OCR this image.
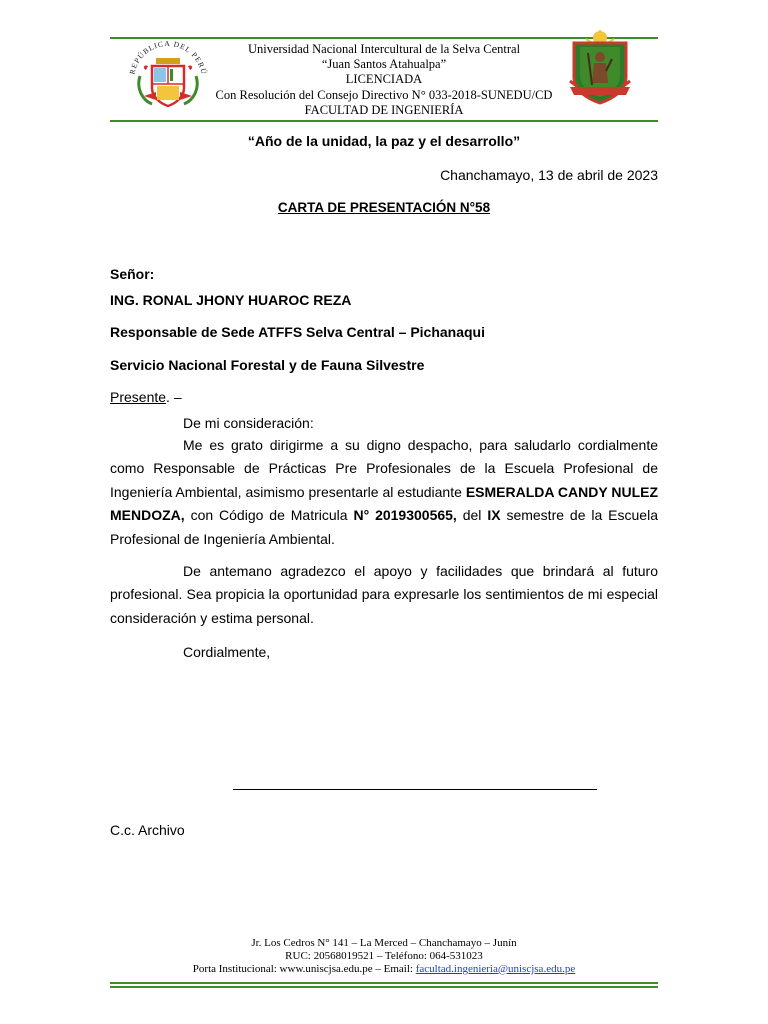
REPÚBLICA DEL PERÚ
Universidad Nacional Intercultural de la Selva Central
“Juan Santos Atahualpa”
LICENCIADA
Con Resolución del Consejo Directivo N° 033-2018-SUNEDU/CD
FACULTAD DE INGENIERÍA
“Año de la unidad, la paz y el desarrollo”
Chanchamayo, 13 de abril de 2023
CARTA DE PRESENTACIÓN N°58
Señor:
ING. RONAL JHONY HUAROC REZA
Responsable de Sede ATFFS Selva Central – Pichanaqui
Servicio Nacional Forestal y de Fauna Silvestre
Presente. –
De mi consideración:

Me es grato dirigirme a su digno despacho, para saludarlo cordialmente como Responsable de Prácticas Pre Profesionales de la Escuela Profesional de Ingeniería Ambiental, asimismo presentarle al estudiante ESMERALDA CANDY NULEZ MENDOZA, con Código de Matricula N° 2019300565, del IX semestre de la Escuela Profesional de Ingeniería Ambiental.

De antemano agradezco el apoyo y facilidades que brindará al futuro profesional. Sea propicia la oportunidad para expresarle los sentimientos de mi especial consideración y estima personal.

Cordialmente,
C.c. Archivo
Jr. Los Cedros N° 141 – La Merced – Chanchamayo – Junín
RUC: 20568019521 – Teléfono: 064-531023
Porta Institucional: www.uniscjsa.edu.pe – Email: facultad.ingenieria@uniscjsa.edu.pe
